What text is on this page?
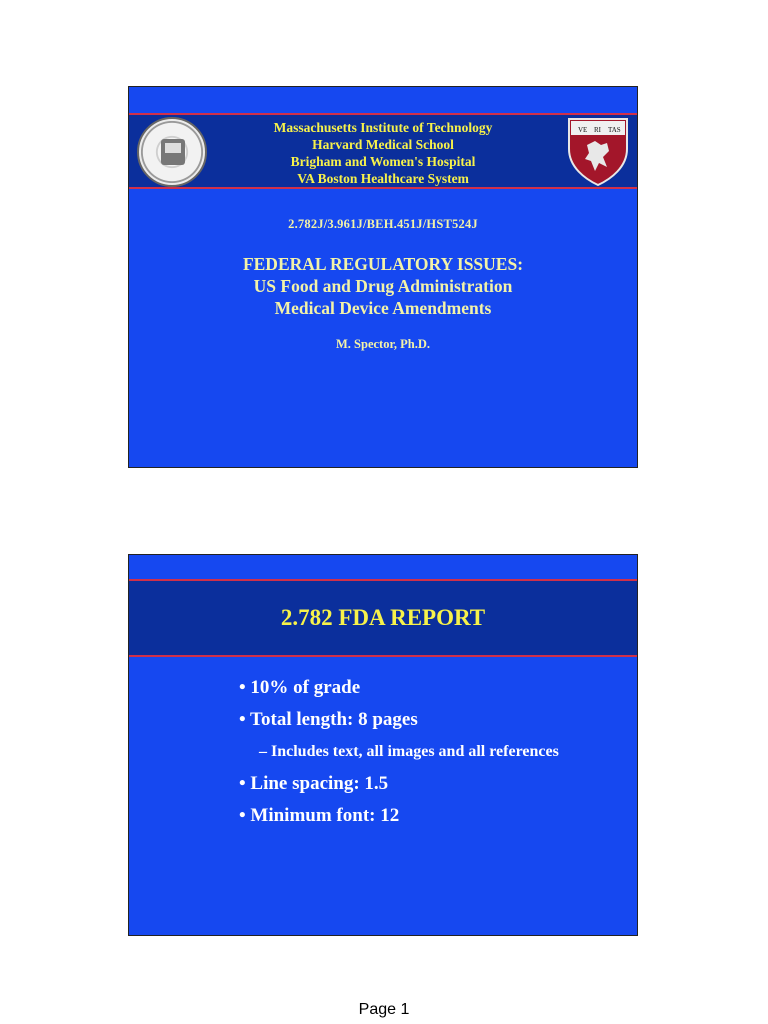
Massachusetts Institute of Technology
Harvard Medical School
Brigham and Women's Hospital
VA Boston Healthcare System
VE RI TAS
2.782J/3.961J/BEH.451J/HST524J
FEDERAL REGULATORY ISSUES:
US Food and Drug Administration
Medical Device Amendments
M. Spector, Ph.D.
2.782 FDA REPORT
• 10% of grade
• Total length: 8 pages
– Includes text, all images and all references
• Line spacing: 1.5
• Minimum font: 12
Page 1
